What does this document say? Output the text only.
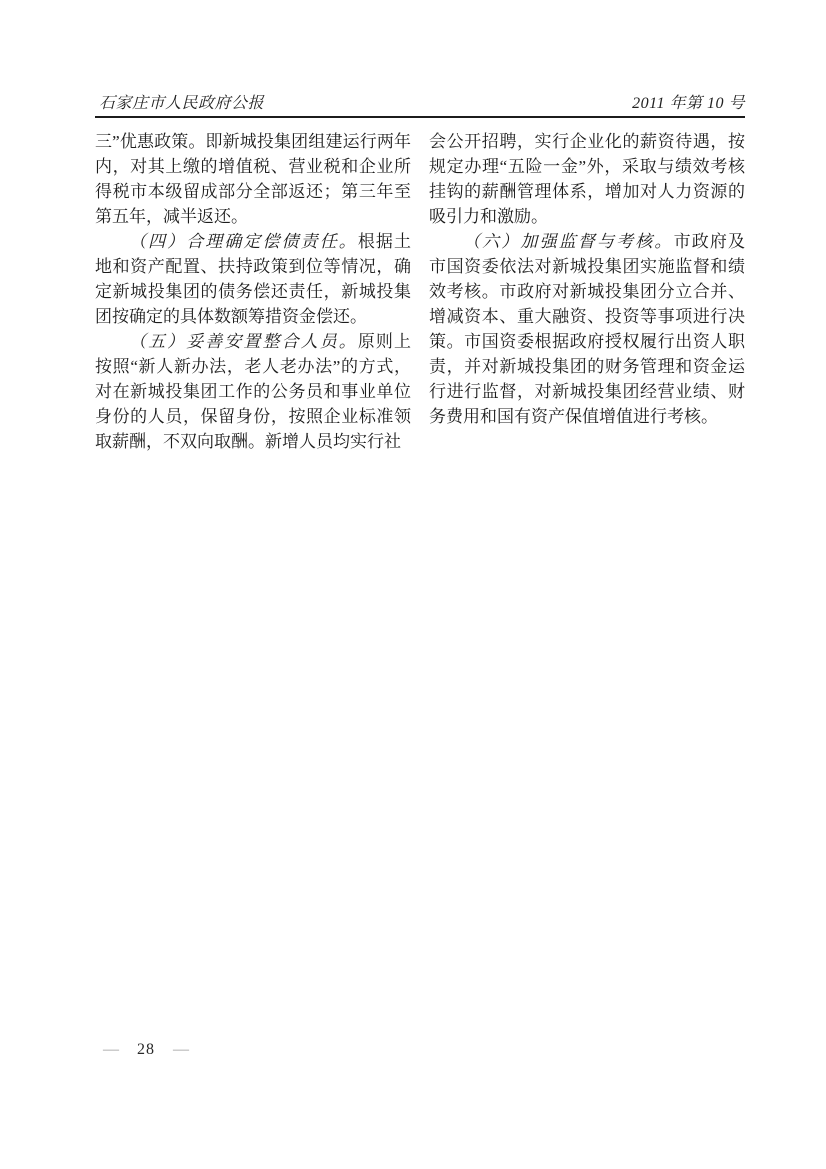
石家庄市人民政府公报	2011 年第 10 号

三”优惠政策。即新城投集团组建运行两年内，对其上缴的增值税、营业税和企业所得税市本级留成部分全部返还；第三年至第五年，减半返还。

（四）合理确定偿债责任。根据土地和资产配置、扶持政策到位等情况，确定新城投集团的债务偿还责任，新城投集团按确定的具体数额筹措资金偿还。

（五）妥善安置整合人员。原则上按照“新人新办法，老人老办法”的方式，对在新城投集团工作的公务员和事业单位身份的人员，保留身份，按照企业标准领取薪酬，不双向取酬。新增人员均实行社

会公开招聘，实行企业化的薪资待遇，按规定办理“五险一金”外，采取与绩效考核挂钩的薪酬管理体系，增加对人力资源的吸引力和激励。

（六）加强监督与考核。市政府及市国资委依法对新城投集团实施监督和绩效考核。市政府对新城投集团分立合并、增减资本、重大融资、投资等事项进行决策。市国资委根据政府授权履行出资人职责，并对新城投集团的财务管理和资金运行进行监督，对新城投集团经营业绩、财务费用和国有资产保值增值进行考核。

— 28 —
